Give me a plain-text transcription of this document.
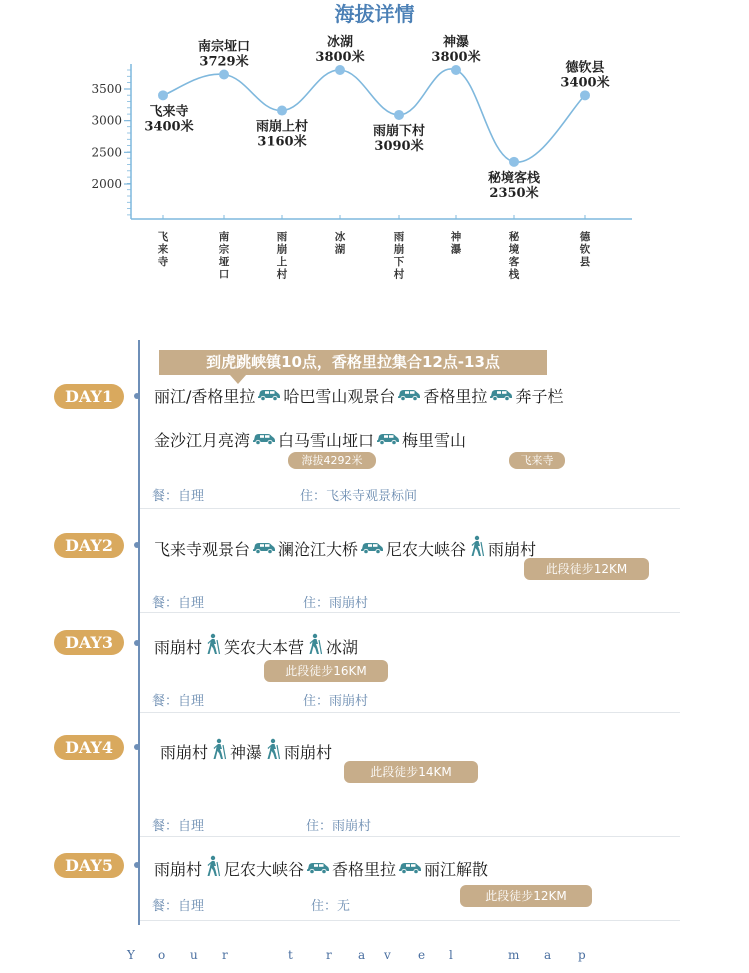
海拔详情
3500
3000
2500
2000
飞来寺
3400米
飞
来
寺
南宗垭口
3729米
南
宗
垭
口
雨崩上村
3160米
雨
崩
上
村
冰湖
3800米
冰
湖
雨崩下村
3090米
雨
崩
下
村
神瀑
3800米
神
瀑
秘境客栈
2350米
秘
境
客
栈
德钦县
3400米
德
钦
县
到虎跳峡镇10点，香格里拉集合12点-13点
DAY1	丽江/香格里拉 哈巴雪山观景台 香格里拉 奔子栏
金沙江月亮湾 白马雪山垭口 梅里雪山
海拔4292米	飞来寺
餐：自理	住：飞来寺观景标间
DAY2	飞来寺观景台 澜沧江大桥 尼农大峡谷 雨崩村
此段徒步12KM
餐：自理	住：雨崩村
DAY3	雨崩村 笑农大本营 冰湖
此段徒步16KM
餐：自理	住：雨崩村
DAY4	雨崩村 神瀑 雨崩村
此段徒步14KM
餐：自理	住：雨崩村
DAY5	雨崩村 尼农大峡谷 香格里拉 丽江解散
此段徒步12KM
餐：自理	住：无
Y o u r	t	r a v e l	m a p
